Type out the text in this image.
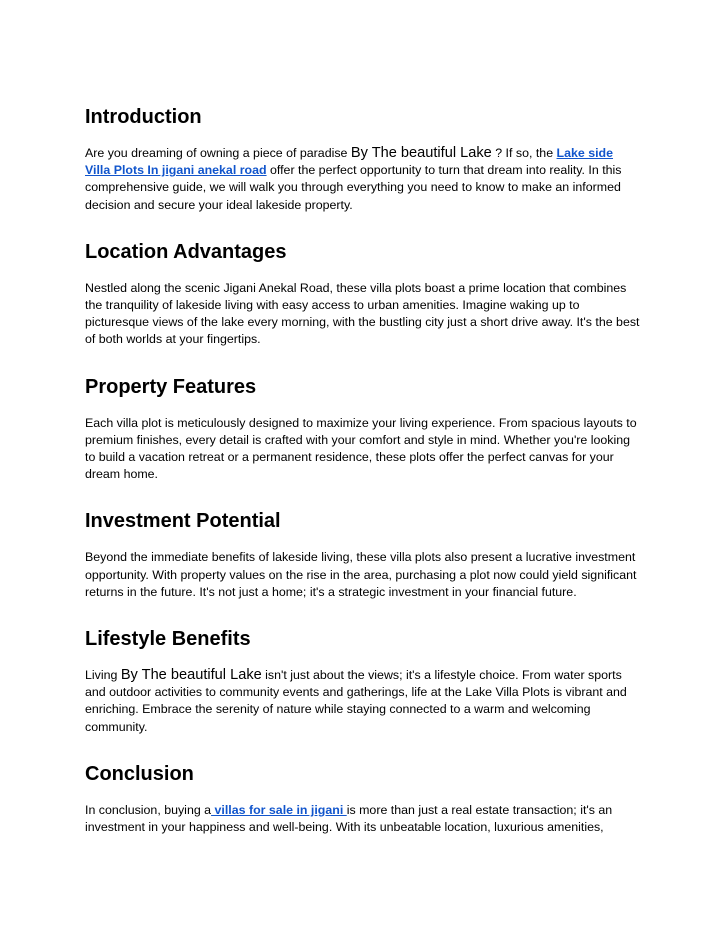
Introduction

Are you dreaming of owning a piece of paradise By The beautiful Lake ? If so, the Lake side Villa Plots In jigani anekal road offer the perfect opportunity to turn that dream into reality. In this comprehensive guide, we will walk you through everything you need to know to make an informed decision and secure your ideal lakeside property.

Location Advantages

Nestled along the scenic Jigani Anekal Road, these villa plots boast a prime location that combines the tranquility of lakeside living with easy access to urban amenities. Imagine waking up to picturesque views of the lake every morning, with the bustling city just a short drive away. It's the best of both worlds at your fingertips.

Property Features

Each villa plot is meticulously designed to maximize your living experience. From spacious layouts to premium finishes, every detail is crafted with your comfort and style in mind. Whether you're looking to build a vacation retreat or a permanent residence, these plots offer the perfect canvas for your dream home.

Investment Potential

Beyond the immediate benefits of lakeside living, these villa plots also present a lucrative investment opportunity. With property values on the rise in the area, purchasing a plot now could yield significant returns in the future. It's not just a home; it's a strategic investment in your financial future.

Lifestyle Benefits

Living By The beautiful Lake isn't just about the views; it's a lifestyle choice. From water sports and outdoor activities to community events and gatherings, life at the Lake Villa Plots is vibrant and enriching. Embrace the serenity of nature while staying connected to a warm and welcoming community.

Conclusion

In conclusion, buying a villas for sale in jigani is more than just a real estate transaction; it's an investment in your happiness and well-being. With its unbeatable location, luxurious amenities,
